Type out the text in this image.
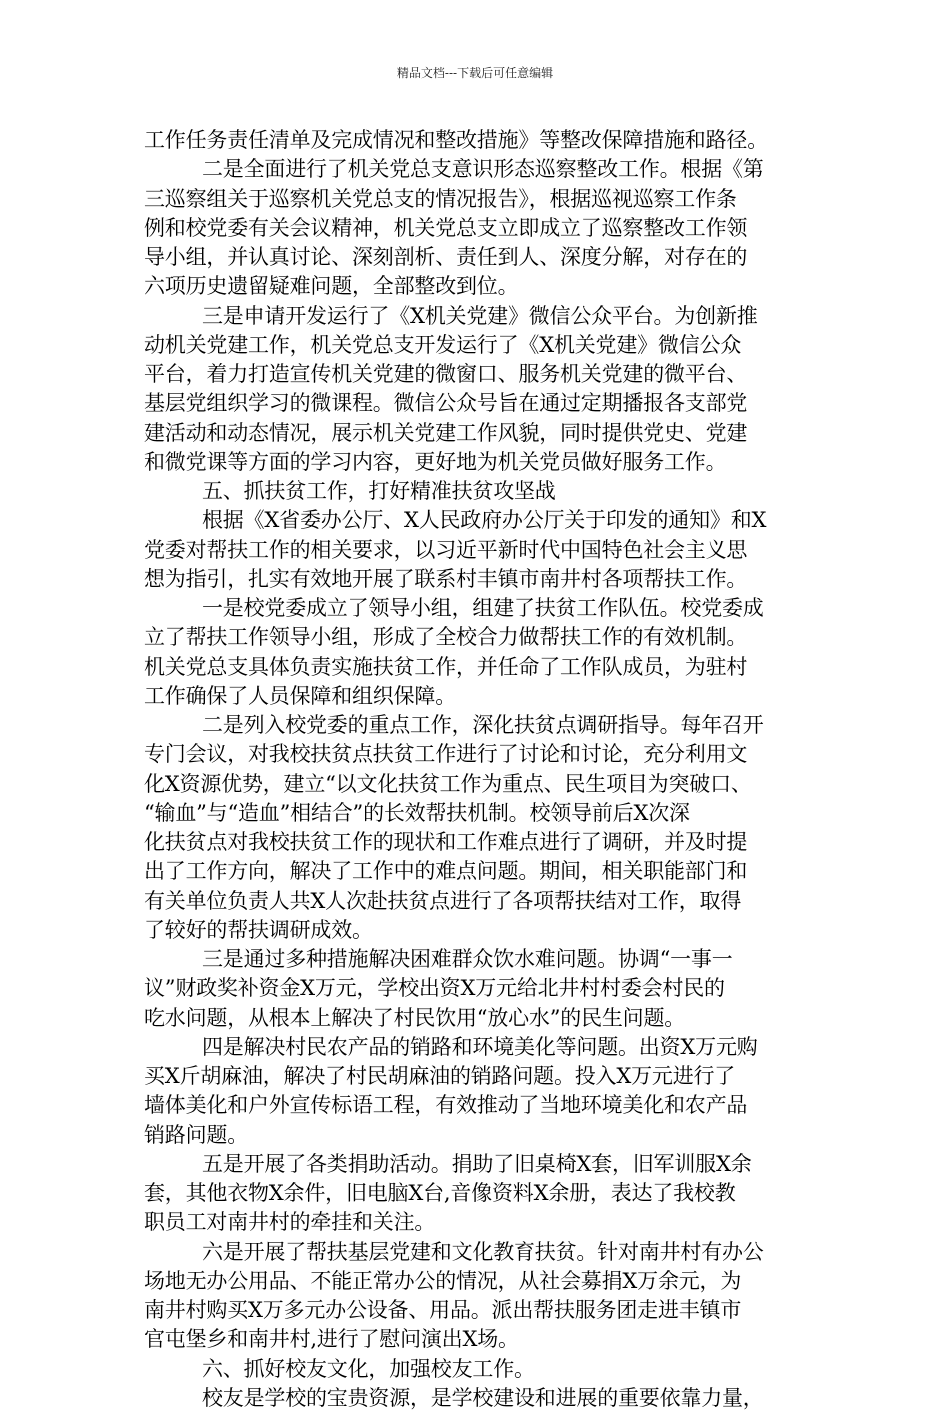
精品文档---下载后可任意编辑
工作任务责任清单及完成情况和整改措施》等整改保障措施和路径。
二是全面进行了机关党总支意识形态巡察整改工作。根据《第
三巡察组关于巡察机关党总支的情况报告》，根据巡视巡察工作条
例和校党委有关会议精神，机关党总支立即成立了巡察整改工作领
导小组，并认真讨论、深刻剖析、责任到人、深度分解，对存在的
六项历史遗留疑难问题，全部整改到位。
三是申请开发运行了《X机关党建》微信公众平台。为创新推
动机关党建工作，机关党总支开发运行了《X机关党建》微信公众
平台，着力打造宣传机关党建的微窗口、服务机关党建的微平台、
基层党组织学习的微课程。微信公众号旨在通过定期播报各支部党
建活动和动态情况，展示机关党建工作风貌，同时提供党史、党建
和微党课等方面的学习内容，更好地为机关党员做好服务工作。
五、抓扶贫工作，打好精准扶贫攻坚战
根据《X省委办公厅、X人民政府办公厅关于印发的通知》和X
党委对帮扶工作的相关要求，以习近平新时代中国特色社会主义思
想为指引，扎实有效地开展了联系村丰镇市南井村各项帮扶工作。
一是校党委成立了领导小组，组建了扶贫工作队伍。校党委成
立了帮扶工作领导小组，形成了全校合力做帮扶工作的有效机制。
机关党总支具体负责实施扶贫工作，并任命了工作队成员，为驻村
工作确保了人员保障和组织保障。
二是列入校党委的重点工作，深化扶贫点调研指导。每年召开
专门会议，对我校扶贫点扶贫工作进行了讨论和讨论，充分利用文
化X资源优势，建立“以文化扶贫工作为重点、民生项目为突破口、
“输血”与“造血”相结合”的长效帮扶机制。校领导前后X次深
化扶贫点对我校扶贫工作的现状和工作难点进行了调研，并及时提
出了工作方向，解决了工作中的难点问题。期间，相关职能部门和
有关单位负责人共X人次赴扶贫点进行了各项帮扶结对工作，取得
了较好的帮扶调研成效。
三是通过多种措施解决困难群众饮水难问题。协调“一事一
议”财政奖补资金X万元，学校出资X万元给北井村村委会村民的
吃水问题，从根本上解决了村民饮用“放心水”的民生问题。
四是解决村民农产品的销路和环境美化等问题。出资X万元购
买X斤胡麻油，解决了村民胡麻油的销路问题。投入X万元进行了
墙体美化和户外宣传标语工程，有效推动了当地环境美化和农产品
销路问题。
五是开展了各类捐助活动。捐助了旧桌椅X套，旧军训服X余
套，其他衣物X余件，旧电脑X台,音像资料X余册，表达了我校教
职员工对南井村的牵挂和关注。
六是开展了帮扶基层党建和文化教育扶贫。针对南井村有办公
场地无办公用品、不能正常办公的情况，从社会募捐X万余元，为
南井村购买X万多元办公设备、用品。派出帮扶服务团走进丰镇市
官屯堡乡和南井村,进行了慰问演出X场。
六、抓好校友文化，加强校友工作。
校友是学校的宝贵资源，是学校建设和进展的重要依靠力量，
